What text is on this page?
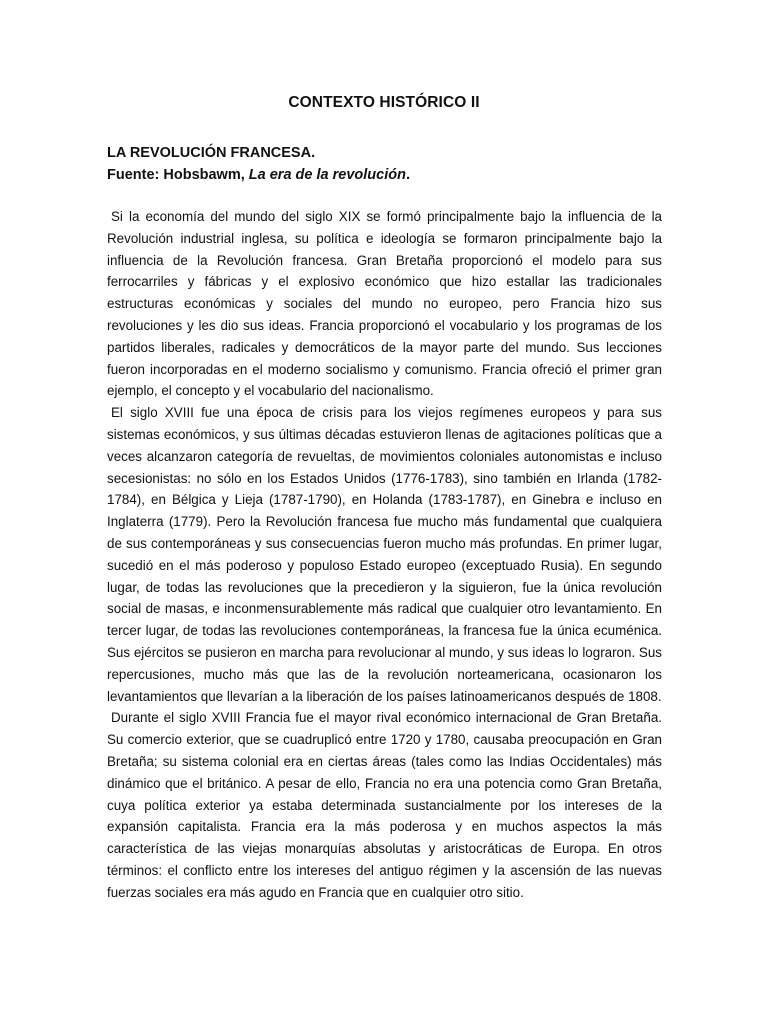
CONTEXTO HISTÓRICO II

LA REVOLUCIÓN FRANCESA.

Fuente: Hobsbawm, La era de la revolución.

Si la economía del mundo del siglo XIX se formó principalmente bajo la influencia de la Revolución industrial inglesa, su política e ideología se formaron principalmente bajo la influencia de la Revolución francesa. Gran Bretaña proporcionó el modelo para sus ferrocarriles y fábricas y el explosivo económico que hizo estallar las tradicionales estructuras económicas y sociales del mundo no europeo, pero Francia hizo sus revoluciones y les dio sus ideas. Francia proporcionó el vocabulario y los programas de los partidos liberales, radicales y democráticos de la mayor parte del mundo. Sus lecciones fueron incorporadas en el moderno socialismo y comunismo. Francia ofreció el primer gran ejemplo, el concepto y el vocabulario del nacionalismo.

El siglo XVIII fue una época de crisis para los viejos regímenes europeos y para sus sistemas económicos, y sus últimas décadas estuvieron llenas de agitaciones políticas que a veces alcanzaron categoría de revueltas, de movimientos coloniales autonomistas e incluso secesionistas: no sólo en los Estados Unidos (1776-1783), sino también en Irlanda (1782-1784), en Bélgica y Lieja (1787-1790), en Holanda (1783-1787), en Ginebra e incluso en Inglaterra (1779). Pero la Revolución francesa fue mucho más fundamental que cualquiera de sus contemporáneas y sus consecuencias fueron mucho más profundas. En primer lugar, sucedió en el más poderoso y populoso Estado europeo (exceptuado Rusia). En segundo lugar, de todas las revoluciones que la precedieron y la siguieron, fue la única revolución social de masas, e inconmensurablemente más radical que cualquier otro levantamiento. En tercer lugar, de todas las revoluciones contemporáneas, la francesa fue la única ecuménica. Sus ejércitos se pusieron en marcha para revolucionar al mundo, y sus ideas lo lograron. Sus repercusiones, mucho más que las de la revolución norteamericana, ocasionaron los levantamientos que llevarían a la liberación de los países latinoamericanos después de 1808.

Durante el siglo XVIII Francia fue el mayor rival económico internacional de Gran Bretaña. Su comercio exterior, que se cuadruplicó entre 1720 y 1780, causaba preocupación en Gran Bretaña; su sistema colonial era en ciertas áreas (tales como las Indias Occidentales) más dinámico que el británico. A pesar de ello, Francia no era una potencia como Gran Bretaña, cuya política exterior ya estaba determinada sustancialmente por los intereses de la expansión capitalista. Francia era la más poderosa y en muchos aspectos la más característica de las viejas monarquías absolutas y aristocráticas de Europa. En otros términos: el conflicto entre los intereses del antiguo régimen y la ascensión de las nuevas fuerzas sociales era más agudo en Francia que en cualquier otro sitio.
